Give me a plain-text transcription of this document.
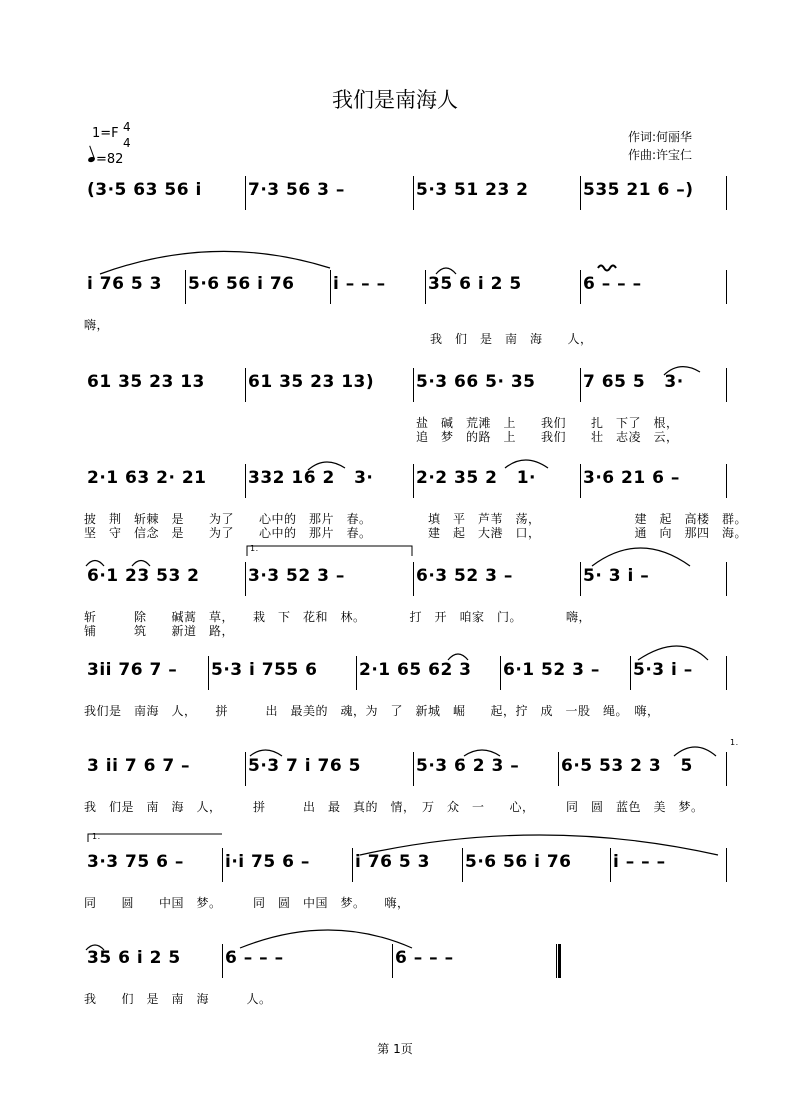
我们是南海人
1=F 4
4
=82
作词:何丽华
作曲:许宝仁
(3·5 63 56 i	7·3 56 3 –	5·3 51 23 2	535 21 6 –)
i 76 5 3 5·6 56 i 76 i – – – 35 6 i 2 5	6 – – –
嗨，
我　们　是　南　海　　人，
61 35 23 13	61 35 23 13) 5·3 66 5· 35	7 65 5   3·
盐　碱　荒滩　上　　我们　　扎　下了　根，
追　梦　的路　上　　我们　　壮　志凌　云，
2·1 63 2· 21 332 16 2   3·	2·2 35 2   1·	3·6 21 6 –
披　荆　斩棘　是　　为了　　心中的　那片　春。　　　　　填　平　芦苇　荡，　　　　　　　　建　起　高楼　群。
坚　守　信念　是　　为了　　心中的　那片　春。　　　　　建　起　大港　口，　　　　　　　　通　向　那四　海。
6·1 23 53 2	3·3 52 3 –	6·3 52 3 –	5· 3 i –
斩　　　除　　碱蒿　草，　　栽　下　花和　林。　　　　打　开　咱家　门。　　　　嗨，
铺　　　筑　　新道　路，
3ii 76 7 – 5·3 i 755 6 2·1 65 62 3 6·1 52 3 – 5·3 i –
我们是　南海　人，　　拼　　　出　最美的　魂，为　了　新城　崛　　起，拧　成　一股　绳。　嗨，
3 ii 7 6 7 –	5·3 7 i 76 5	5·3 6 2 3 – 6·5 53 2 3   5
我　们是　南　海　人，　　　拼　　　出　最　真的　情，　万　众　一　　心，　　　同　圆　蓝色　美　梦。
3·3 75 6 – i·i 75 6 –	i 76 5 3 5·6 56 i 76 i – – –
同　　圆　　中国　梦。　　　同　圆　中国　梦。　　嗨，
35 6 i 2 5	6 – – –	6 – – –
我　　们　是　南　海　　　人。
1.
1.
1.
第 1页
